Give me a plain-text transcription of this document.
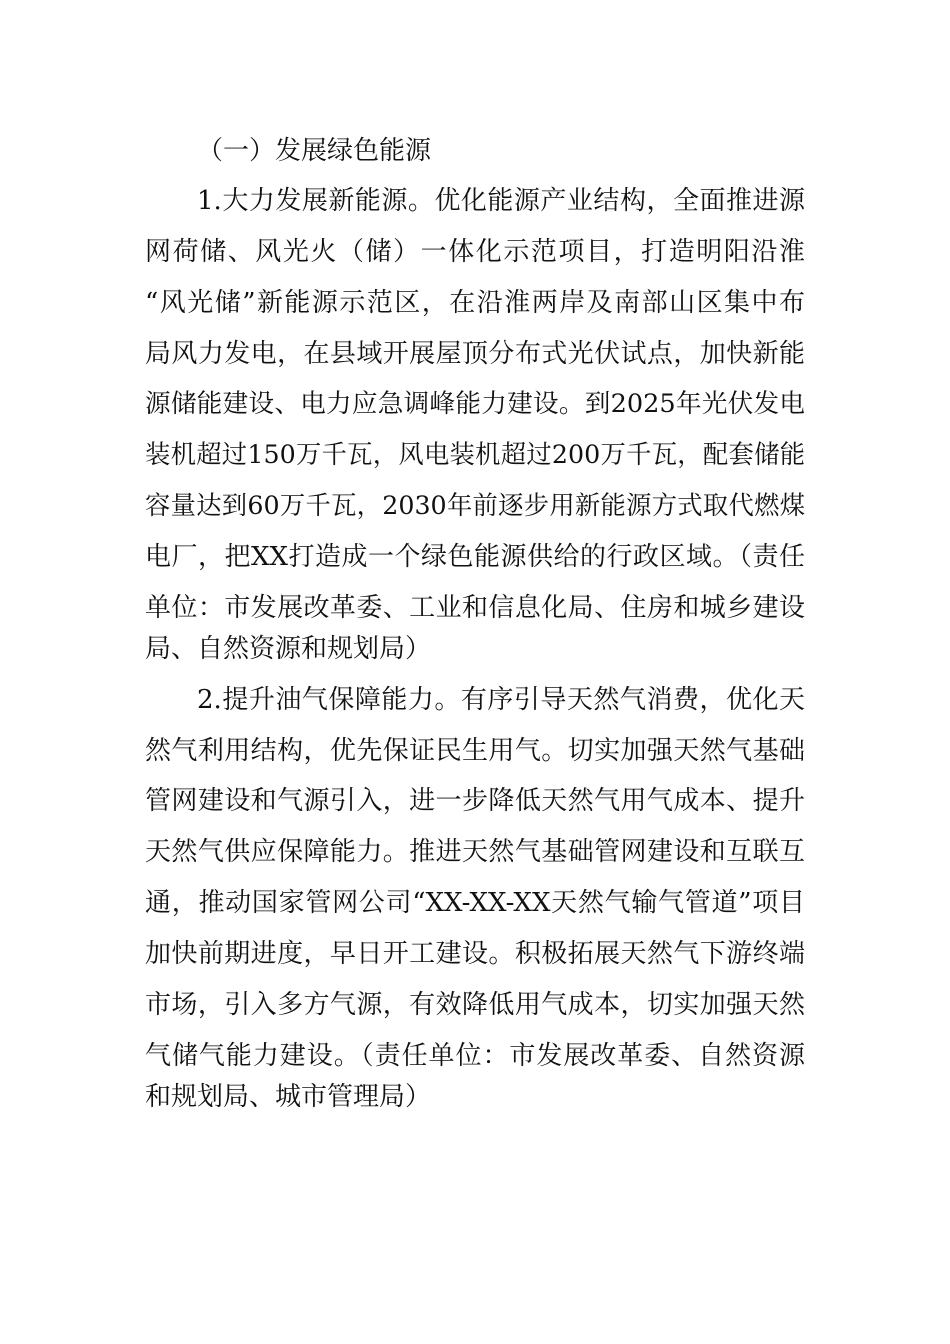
（一）发展绿色能源
1.大力发展新能源。优化能源产业结构，全面推进源
网荷储、风光火（储）一体化示范项目，打造明阳沿淮
“风光储”新能源示范区，在沿淮两岸及南部山区集中布
局风力发电，在县域开展屋顶分布式光伏试点，加快新能
源储能建设、电力应急调峰能力建设。到2025年光伏发电
装机超过150万千瓦，风电装机超过200万千瓦，配套储能
容量达到60万千瓦，2030年前逐步用新能源方式取代燃煤
电厂，把XX打造成一个绿色能源供给的行政区域。（责任
单位：市发展改革委、工业和信息化局、住房和城乡建设
局、自然资源和规划局）
2.提升油气保障能力。有序引导天然气消费，优化天
然气利用结构，优先保证民生用气。切实加强天然气基础
管网建设和气源引入，进一步降低天然气用气成本、提升
天然气供应保障能力。推进天然气基础管网建设和互联互
通，推动国家管网公司“XX-XX-XX天然气输气管道”项目
加快前期进度，早日开工建设。积极拓展天然气下游终端
市场，引入多方气源，有效降低用气成本，切实加强天然
气储气能力建设。（责任单位：市发展改革委、自然资源
和规划局、城市管理局）
